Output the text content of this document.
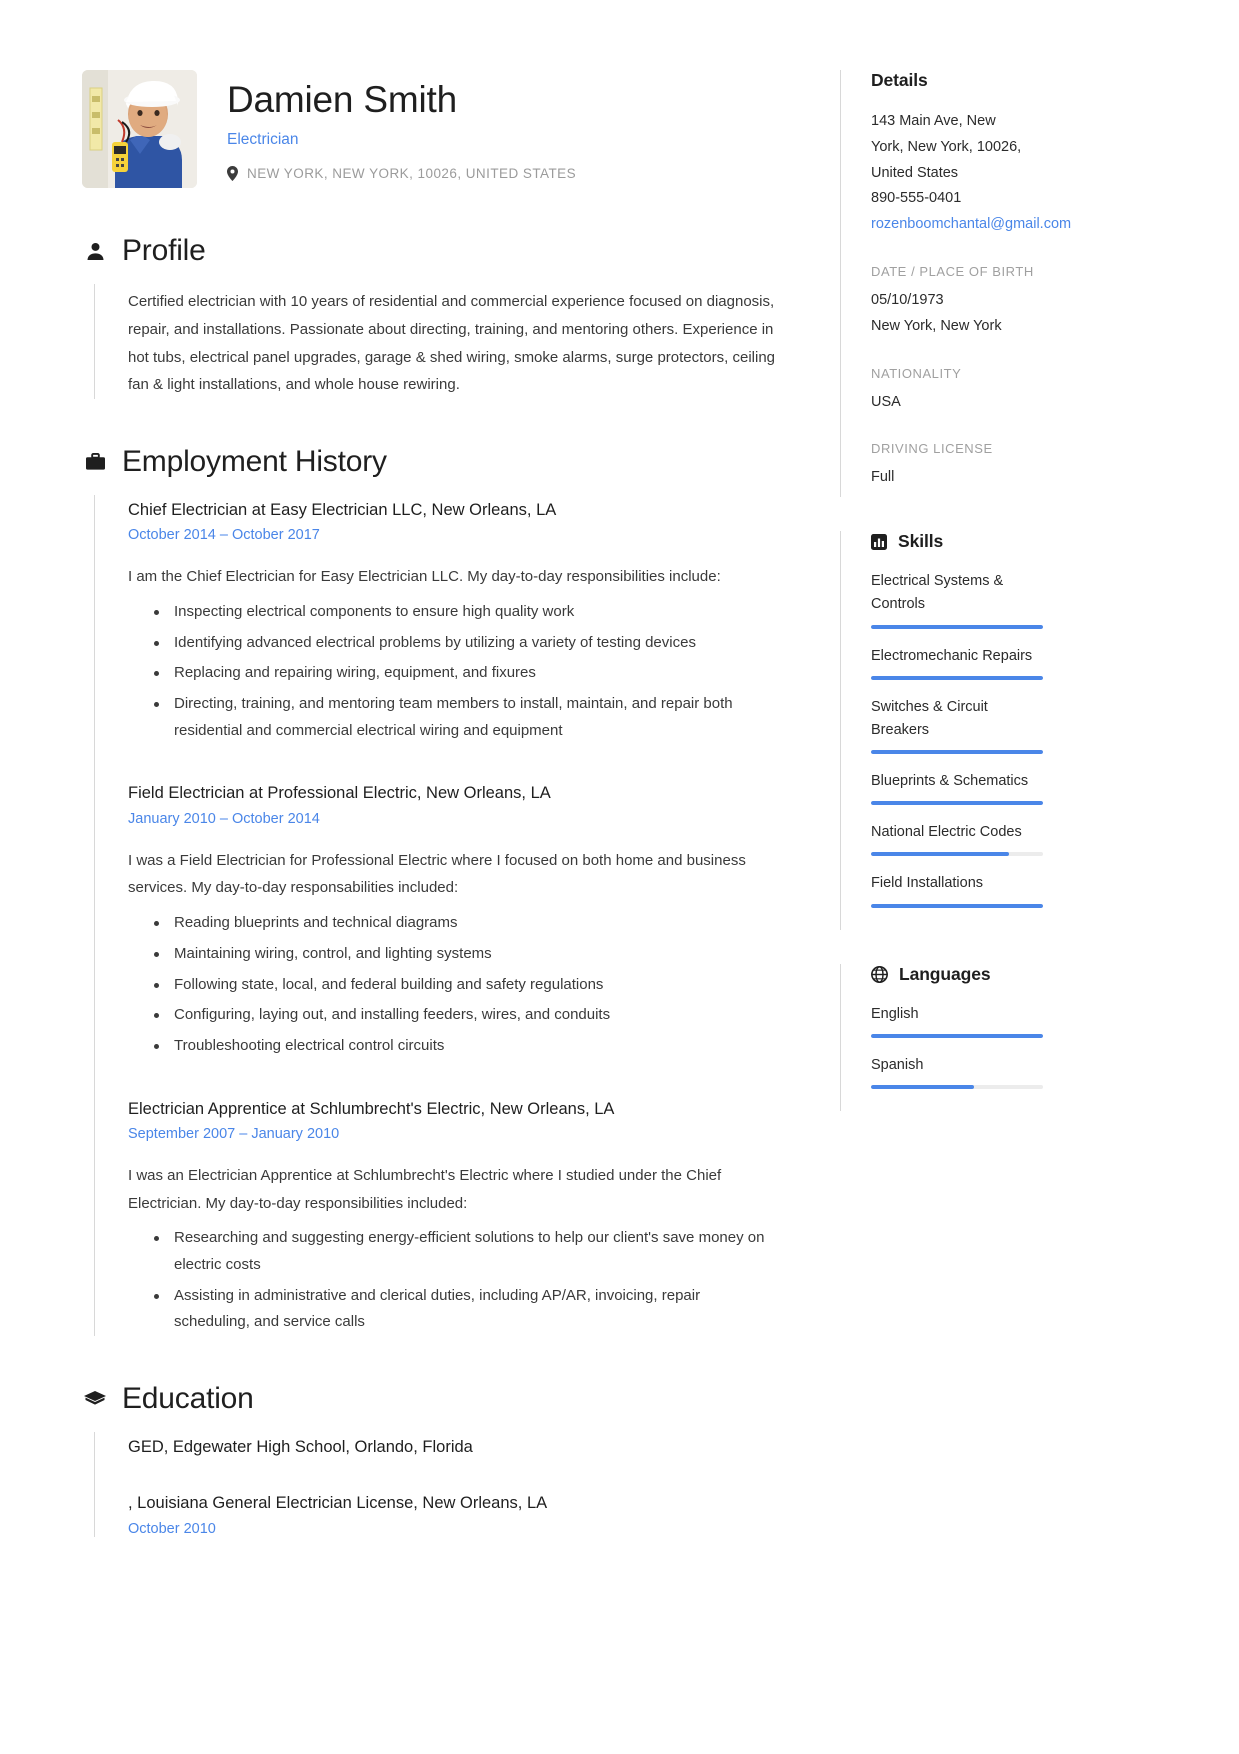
Damien Smith
Electrician
NEW YORK, NEW YORK, 10026, UNITED STATES
Profile

Certified electrician with 10 years of residential and commercial experience focused on diagnosis, repair, and installations. Passionate about directing, training, and mentoring others. Experience in hot tubs, electrical panel upgrades, garage & shed wiring, smoke alarms, surge protectors, ceiling fan & light installations, and whole house rewiring.

Employment History
Chief Electrician at Easy Electrician LLC, New Orleans, LA
October 2014 – October 2017

I am the Chief Electrician for Easy Electrician LLC. My day-to-day responsibilities include:

Inspecting electrical components to ensure high quality work
Identifying advanced electrical problems by utilizing a variety of testing devices
Replacing and repairing wiring, equipment, and fixures
Directing, training, and mentoring team members to install, maintain, and repair both residential and commercial electrical wiring and equipment
Field Electrician at Professional Electric, New Orleans, LA
January 2010 – October 2014

I was a Field Electrician for Professional Electric where I focused on both home and business services. My day-to-day responsabilities included:

Reading blueprints and technical diagrams
Maintaining wiring, control, and lighting systems
Following state, local, and federal building and safety regulations
Configuring, laying out, and installing feeders, wires, and conduits
Troubleshooting electrical control circuits
Electrician Apprentice at Schlumbrecht's Electric, New Orleans, LA
September 2007 – January 2010

I was an Electrician Apprentice at Schlumbrecht's Electric where I studied under the Chief Electrician. My day-to-day responsibilities included:

Researching and suggesting energy-efficient solutions to help our client's save money on electric costs
Assisting in administrative and clerical duties, including AP/AR, invoicing, repair scheduling, and service calls
Education
GED, Edgewater High School, Orlando, Florida
, Louisiana General Electrician License, New Orleans, LA
October 2010
Details
143 Main Ave, New
York, New York, 10026,
United States
890-555-0401
rozenboomchantal@gmail.com
DATE / PLACE OF BIRTH
05/10/1973
New York, New York
NATIONALITY
USA
DRIVING LICENSE
Full
Skills
Electrical Systems & Controls
Electromechanic Repairs
Switches & Circuit Breakers
Blueprints & Schematics
National Electric Codes
Field Installations
Languages
English
Spanish
